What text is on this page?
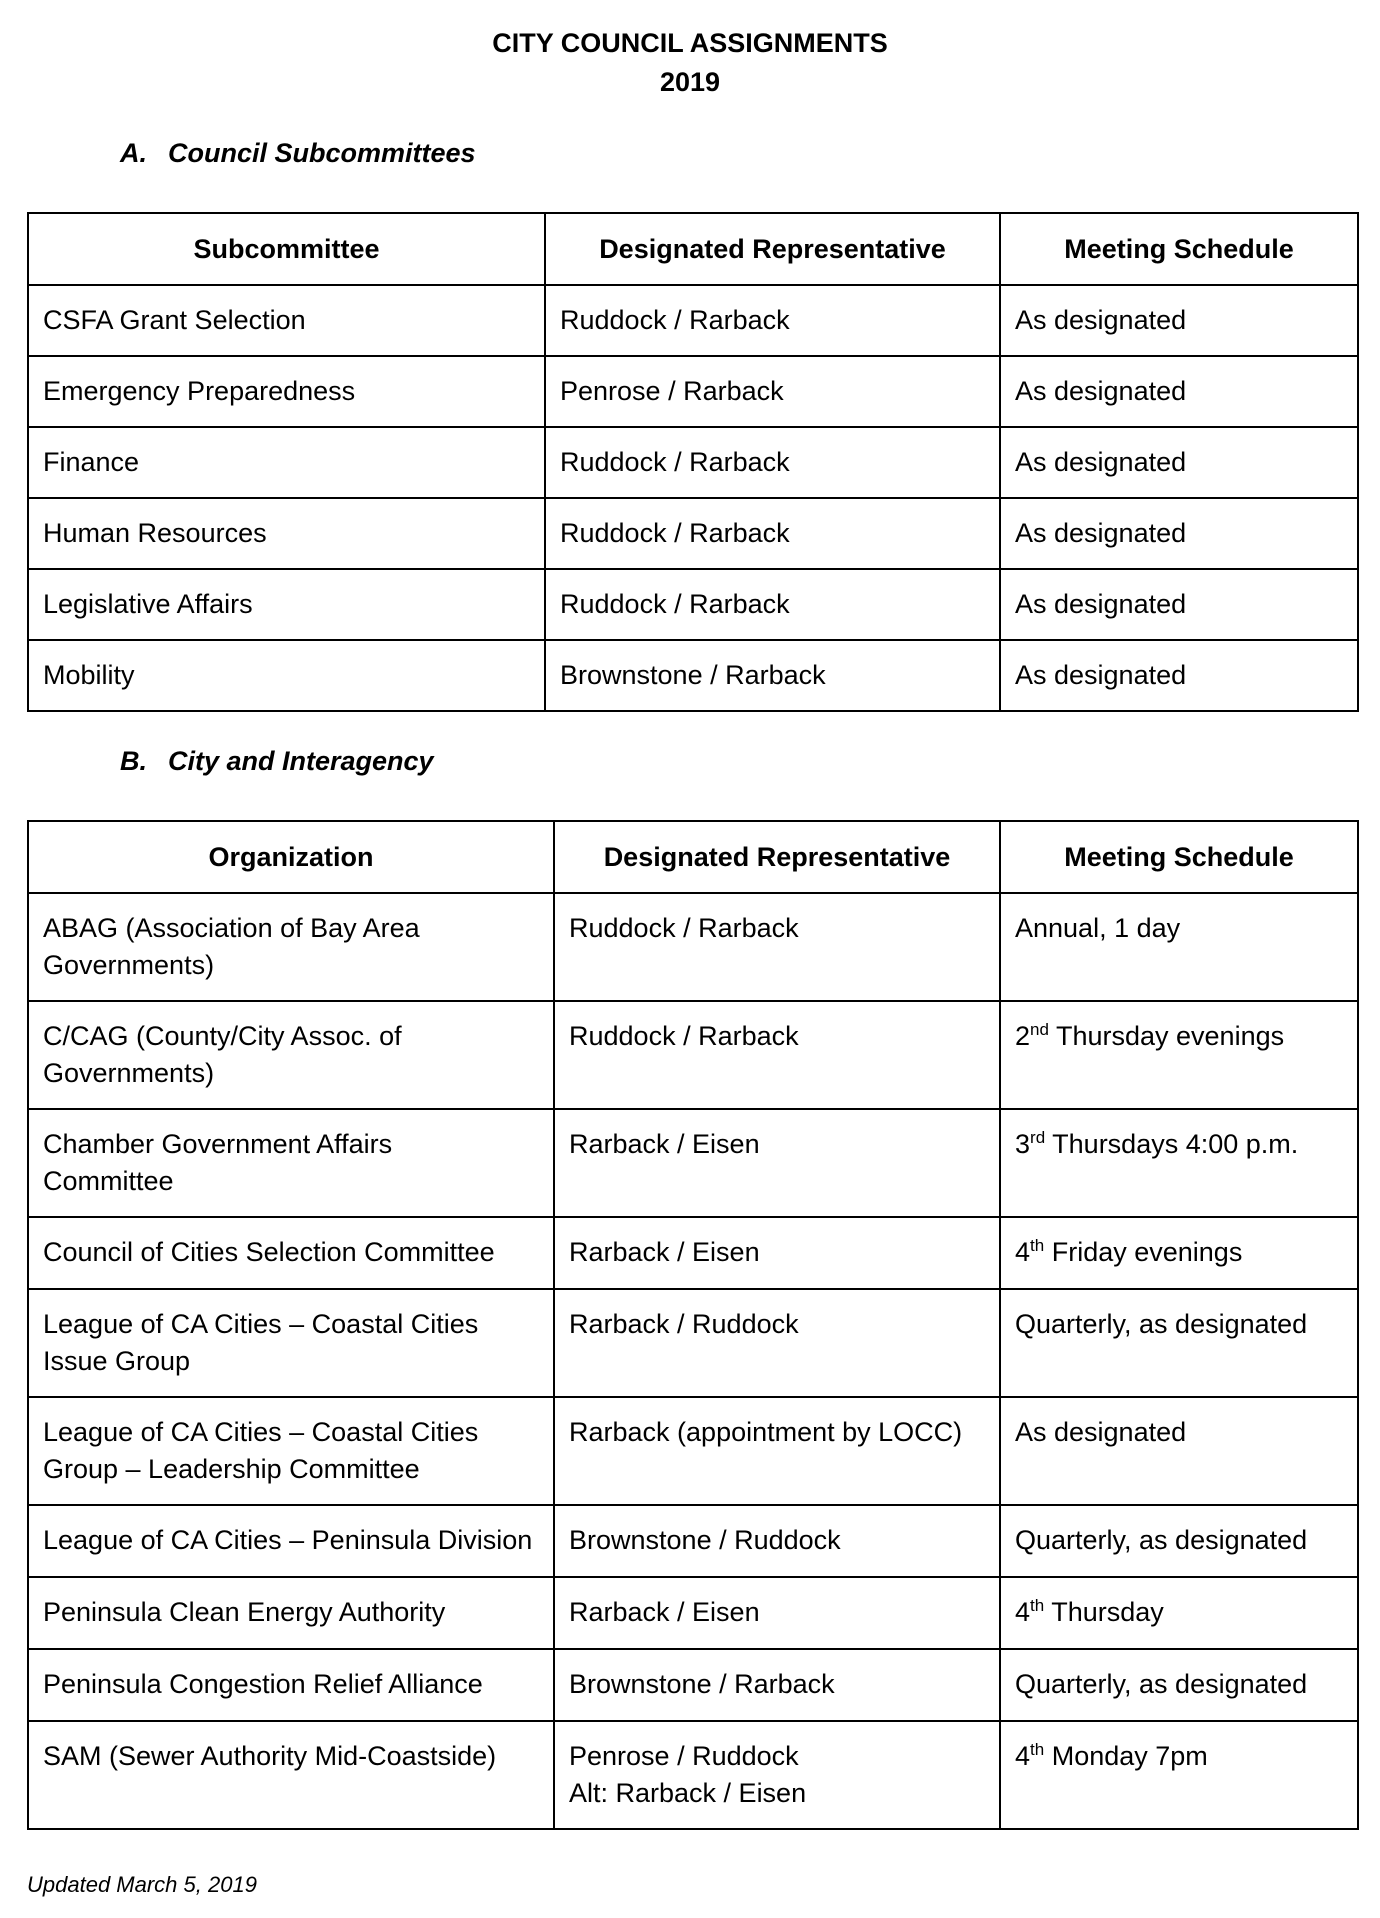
CITY COUNCIL ASSIGNMENTS
2019
A. Council Subcommittees
Subcommittee	Designated Representative	Meeting Schedule
CSFA Grant Selection	Ruddock / Rarback	As designated
Emergency Preparedness	Penrose / Rarback	As designated
Finance	Ruddock / Rarback	As designated
Human Resources	Ruddock / Rarback	As designated
Legislative Affairs	Ruddock / Rarback	As designated
Mobility	Brownstone / Rarback	As designated
B. City and Interagency
Organization	Designated Representative	Meeting Schedule

ABAG (Association of Bay Area
Governments)	Ruddock / Rarback	Annual, 1 day

C/CAG (County/City Assoc. of
Governments)	Ruddock / Rarback	2nd Thursday evenings

Chamber Government Affairs
Committee	Rarback / Eisen	3rd Thursdays 4:00 p.m.

Council of Cities Selection Committee	Rarback / Eisen	4th Friday evenings

League of CA Cities – Coastal Cities
Issue Group	Rarback / Ruddock	Quarterly, as designated

League of CA Cities – Coastal Cities
Group – Leadership Committee	Rarback (appointment by LOCC)	As designated

League of CA Cities – Peninsula Division	Brownstone / Ruddock	Quarterly, as designated

Peninsula Clean Energy Authority	Rarback / Eisen	4th Thursday

Peninsula Congestion Relief Alliance	Brownstone / Rarback	Quarterly, as designated

SAM (Sewer Authority Mid-Coastside)	Penrose / Ruddock
Alt: Rarback / Eisen	4th Monday 7pm
Updated March 5, 2019
